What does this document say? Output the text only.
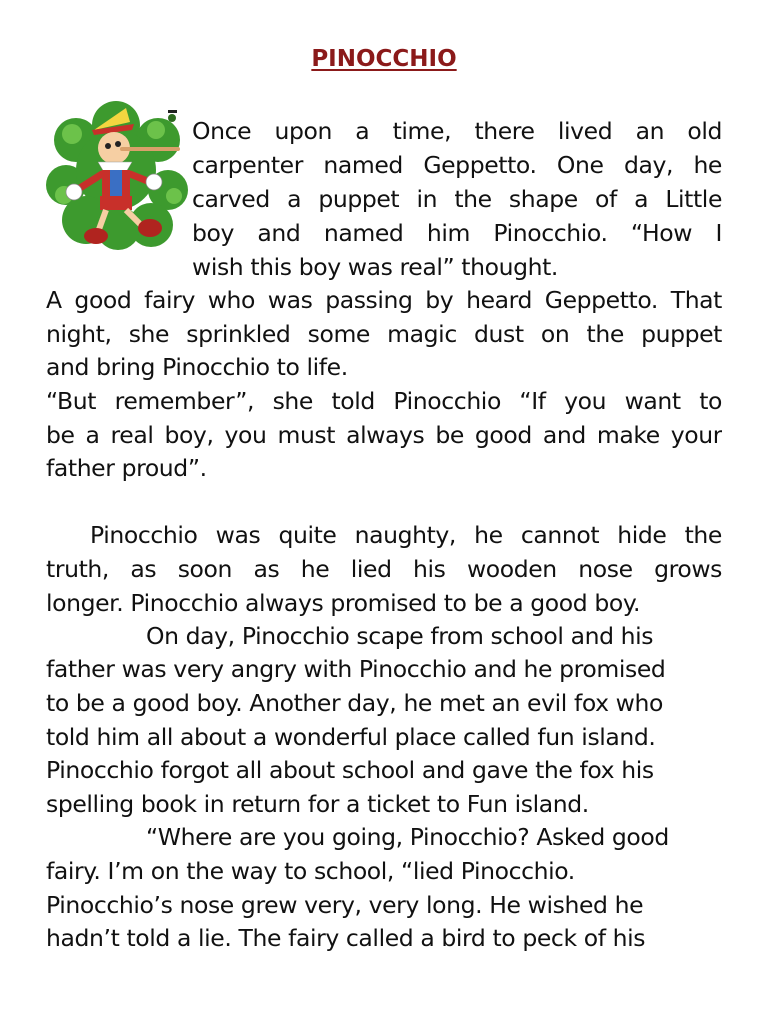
PINOCCHIO
Once upon a time, there lived an old
carpenter named Geppetto. One day, he
carved a puppet in the shape of a Little
boy and named him Pinocchio. “How I
wish this boy was real” thought.
A good fairy who was passing by heard Geppetto. That
night, she sprinkled some magic dust on the puppet
and bring Pinocchio to life.
“But remember”, she told Pinocchio “If you want to
be a real boy, you must always be good and make your
father proud”.
Pinocchio was quite naughty, he cannot hide the
truth, as soon as he lied his wooden nose grows
longer. Pinocchio always promised to be a good boy.
On day, Pinocchio scape from school and his
father was very angry with Pinocchio and he promised
to be a good boy. Another day, he met an evil fox who
told him all about a wonderful place called fun island.
Pinocchio forgot all about school and gave the fox his
spelling book in return for a ticket to Fun island.
“Where are you going, Pinocchio? Asked good
fairy. I’m on the way to school, “lied Pinocchio.
Pinocchio’s nose grew very, very long. He wished he
hadn’t told a lie. The fairy called a bird to peck of his
